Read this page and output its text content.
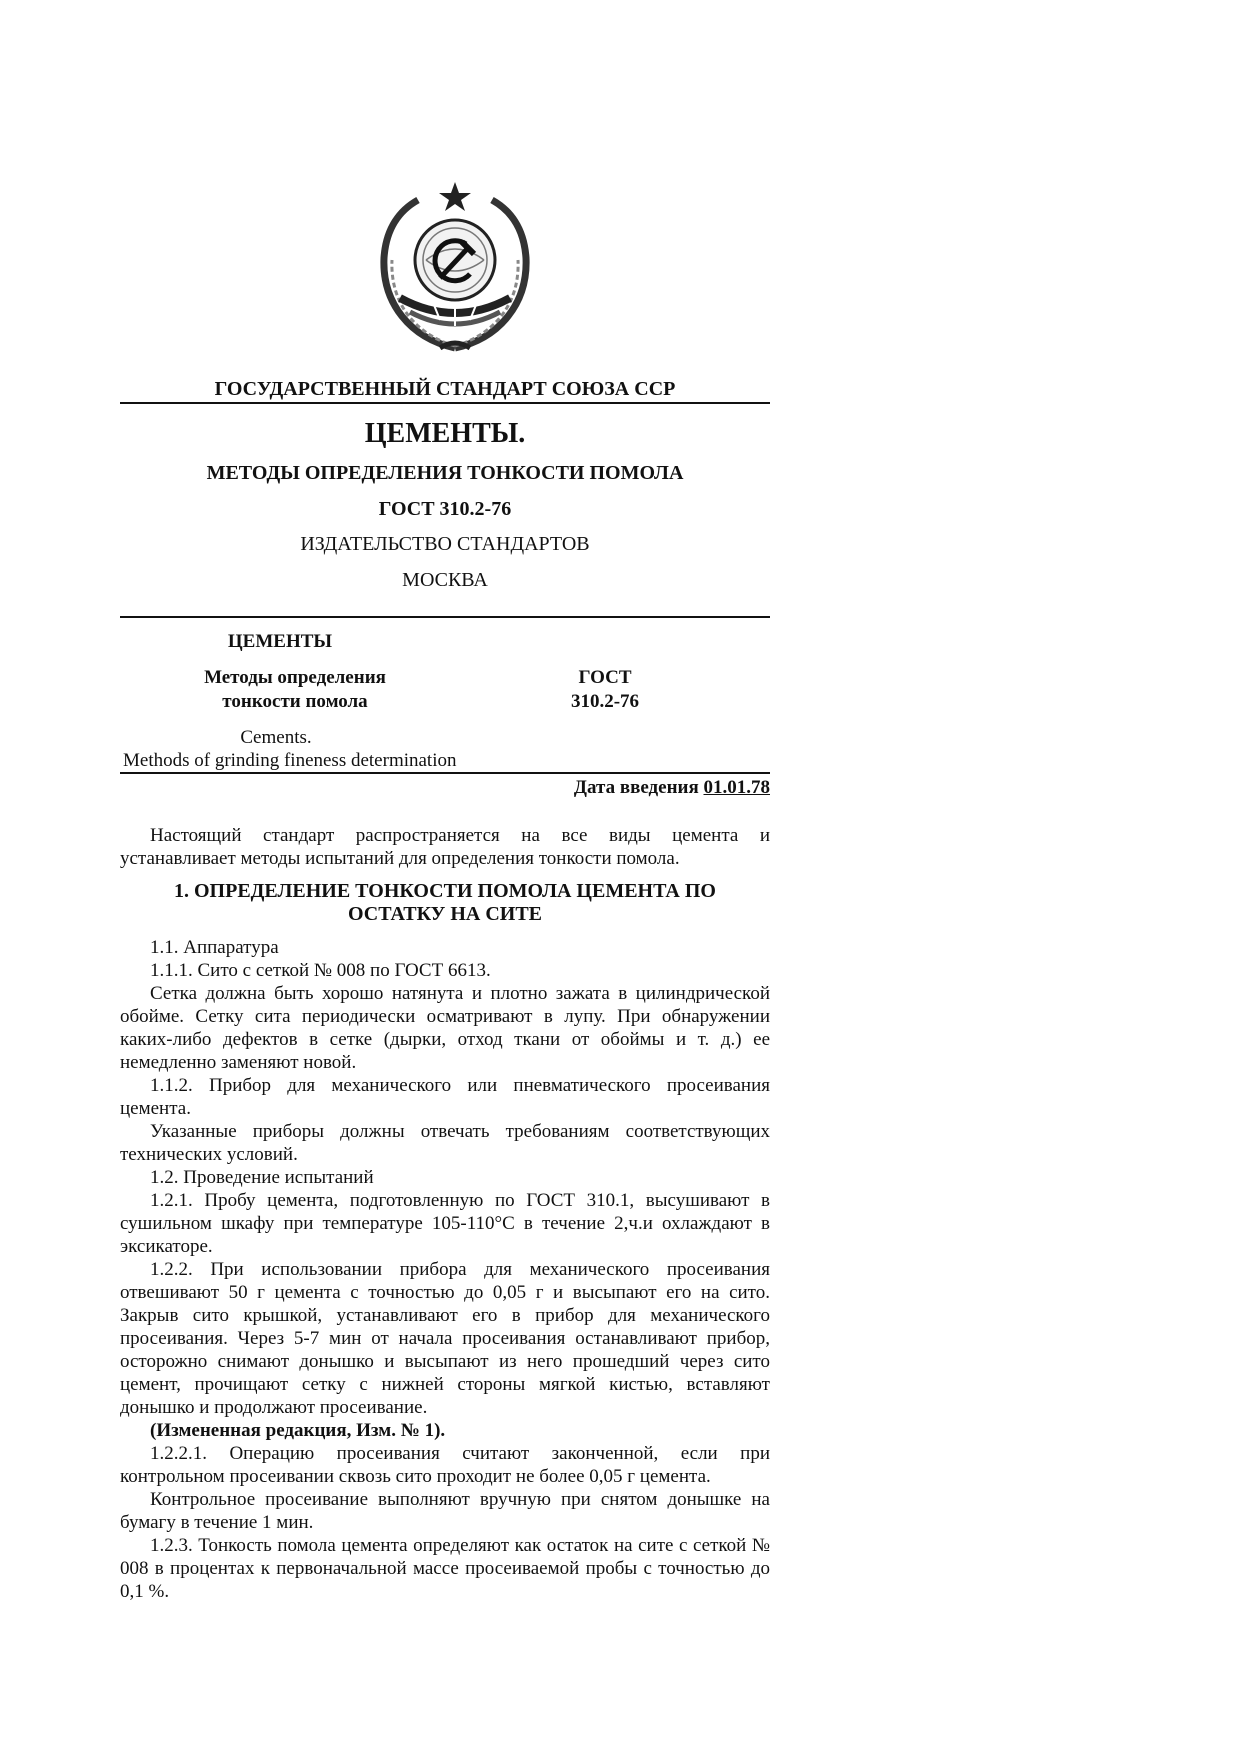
ГОСУДАРСТВЕННЫЙ СТАНДАРТ СОЮЗА ССР
ЦЕМЕНТЫ.
МЕТОДЫ ОПРЕДЕЛЕНИЯ ТОНКОСТИ ПОМОЛА
ГОСТ 310.2-76
ИЗДАТЕЛЬСТВО СТАНДАРТОВ
МОСКВА
ЦЕМЕНТЫ
Методы определения
тонкости помола
ГОСТ
310.2-76
Cements.
Methods of grinding fineness determination
Дата введения 01.01.78

Настоящий стандарт распространяется на все виды цемента и устанавливает методы испытаний для определения тонкости помола.

1. ОПРЕДЕЛЕНИЕ ТОНКОСТИ ПОМОЛА ЦЕМЕНТА ПО
ОСТАТКУ НА СИТЕ

1.1. Аппаратура

1.1.1. Сито с сеткой № 008 по ГОСТ 6613.

Сетка должна быть хорошо натянута и плотно зажата в цилиндрической обойме. Сетку сита периодически осматривают в лупу. При обнаружении каких-либо дефектов в сетке (дырки, отход ткани от обоймы и т. д.) ее немедленно заменяют новой.

1.1.2. Прибор для механического или пневматического просеивания цемента.

Указанные приборы должны отвечать требованиям соответствующих технических условий.

1.2. Проведение испытаний

1.2.1. Пробу цемента, подготовленную по ГОСТ 310.1, высушивают в сушильном шкафу при температуре 105-110°С в течение 2,ч.и охлаждают в эксикаторе.

1.2.2. При использовании прибора для механического просеивания отвешивают 50 г цемента с точностью до 0,05 г и высыпают его на сито. Закрыв сито крышкой, устанавливают его в прибор для механического просеивания. Через 5-7 мин от начала просеивания останавливают прибор, осторожно снимают донышко и высыпают из него прошедший через сито цемент, прочищают сетку с нижней стороны мягкой кистью, вставляют донышко и продолжают просеивание.

(Измененная редакция, Изм. № 1).

1.2.2.1. Операцию просеивания считают законченной, если при контрольном просеивании сквозь сито проходит не более 0,05 г цемента.

Контрольное просеивание выполняют вручную при снятом донышке на бумагу в течение 1 мин.

1.2.3. Тонкость помола цемента определяют как остаток на сите с сеткой № 008 в процентах к первоначальной массе просеиваемой пробы с точностью до 0,1 %.
